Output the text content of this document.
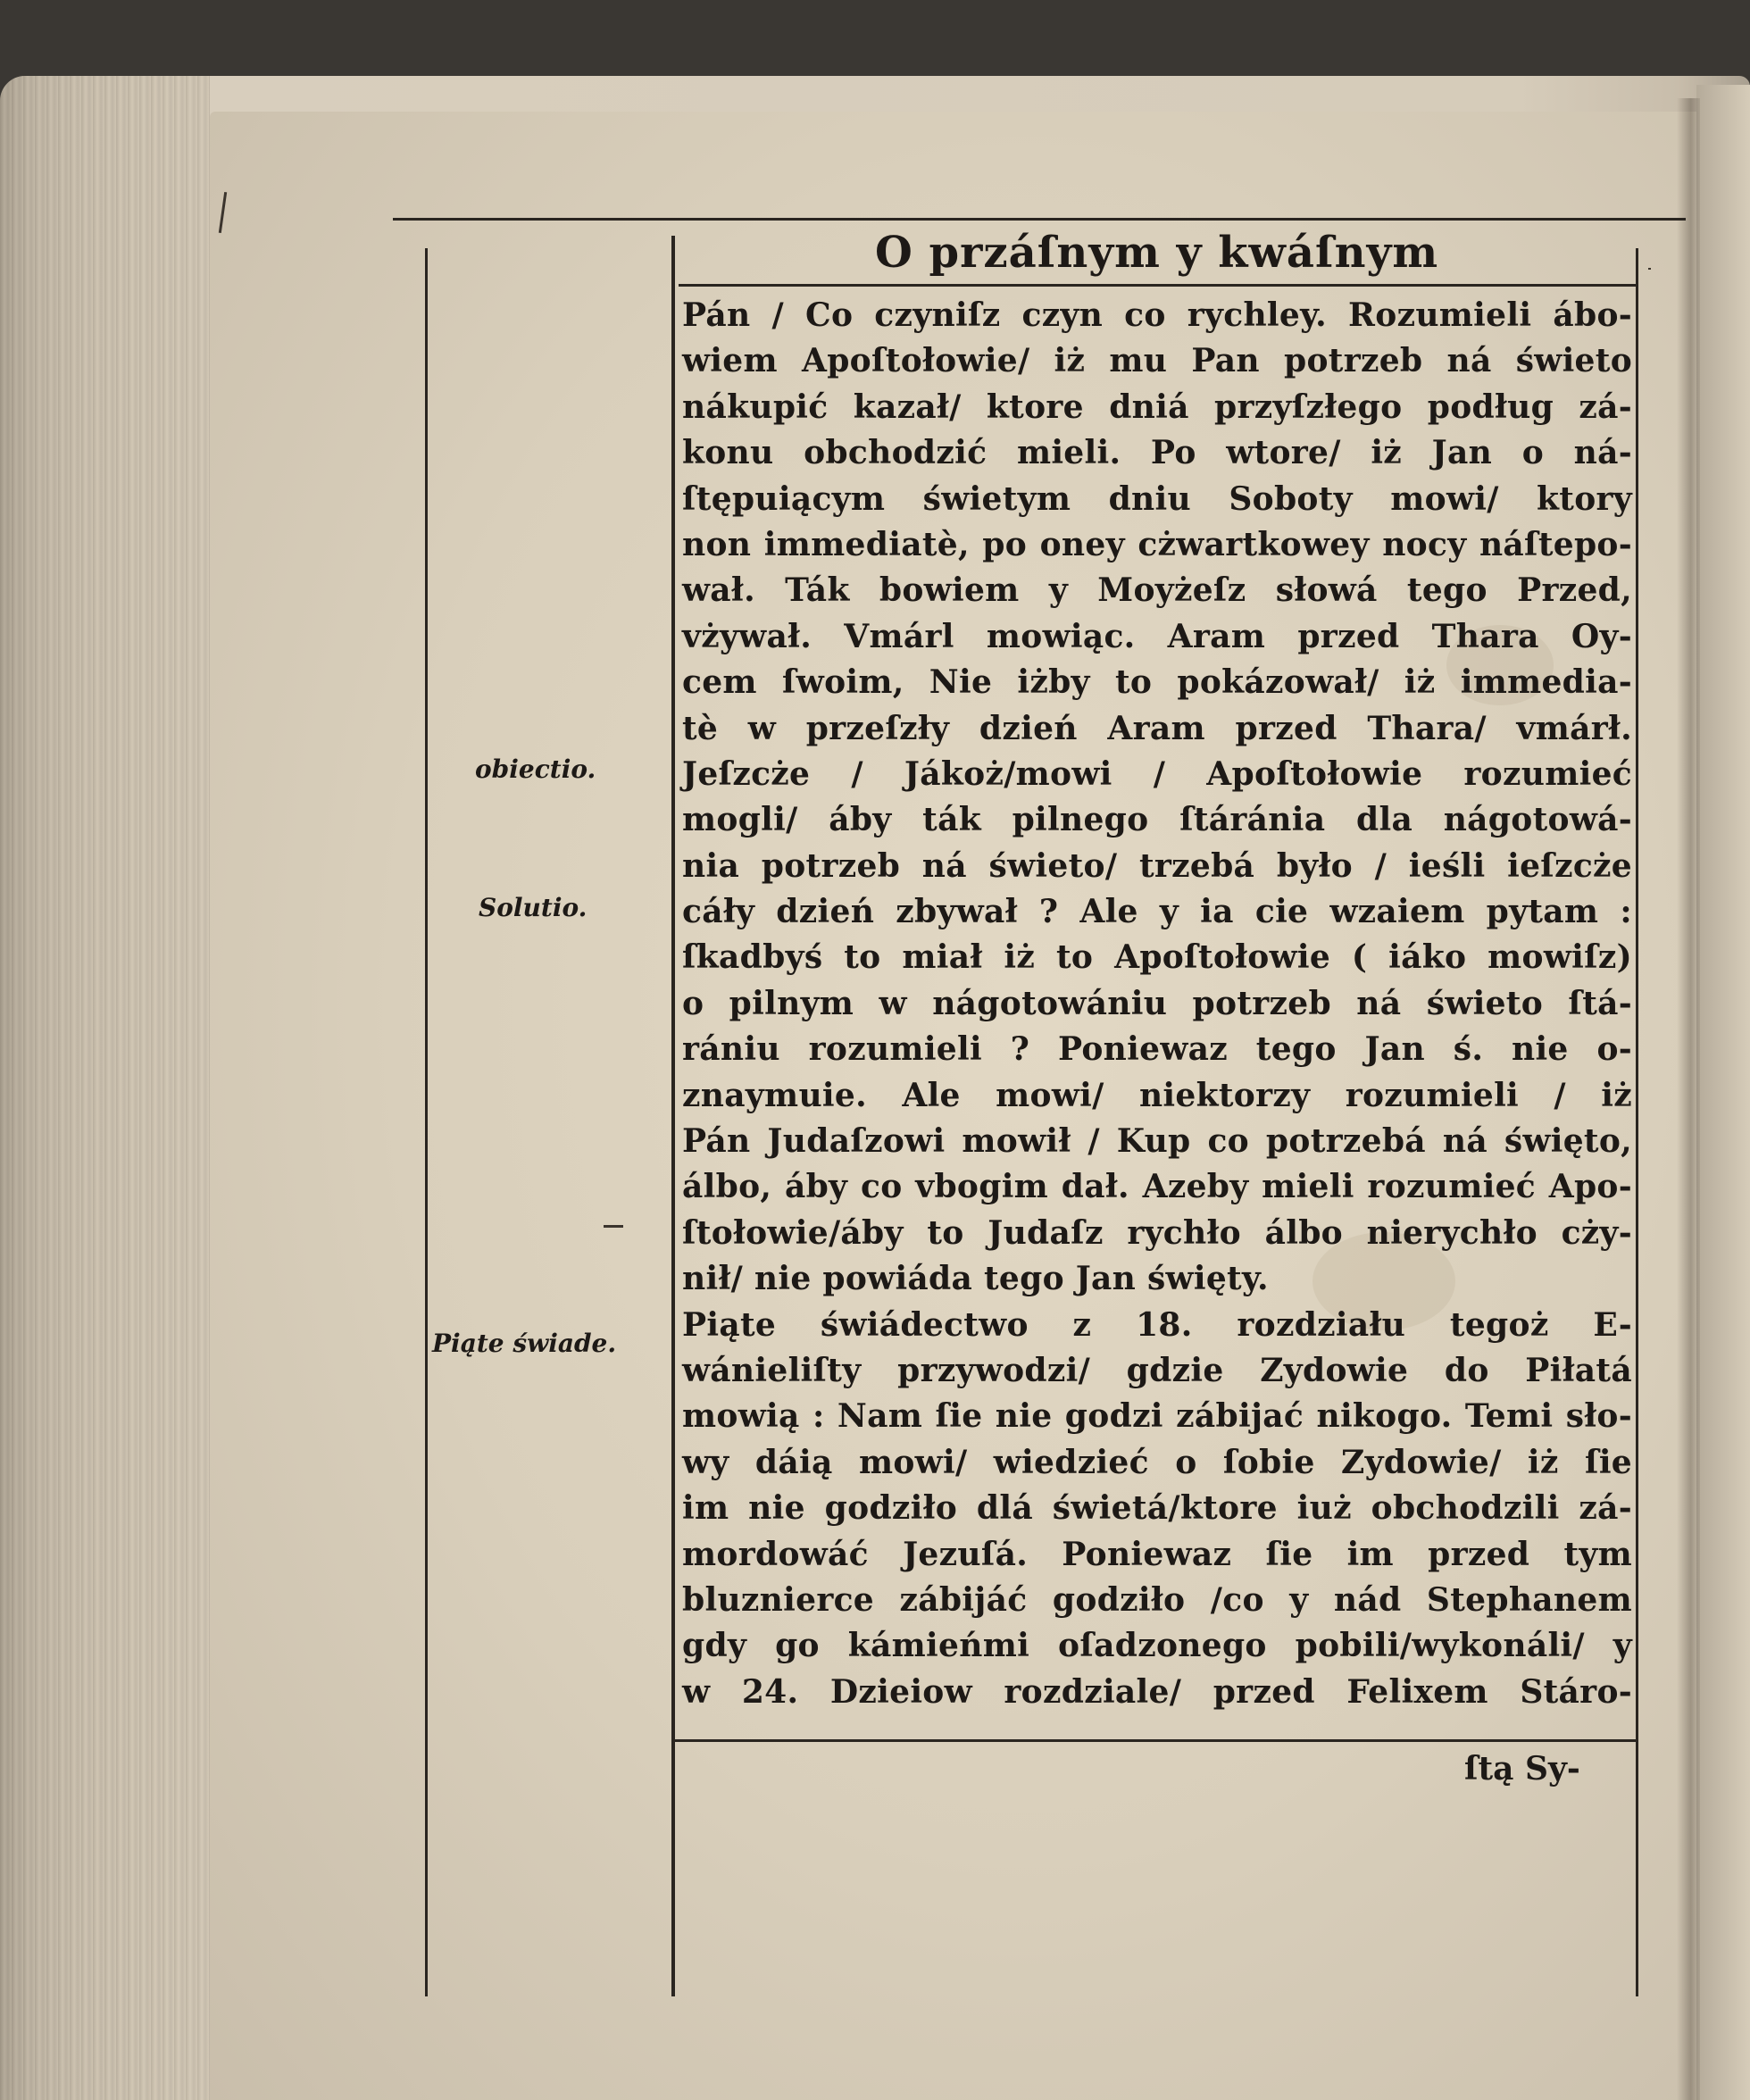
O przáſnym y kwáſnym
obiectio.
Solutio.
Piąte świade.
Pán / Co czyniſz czyn co rychley. Rozumieli ábo-
wiem Apoſtołowie/ iż mu Pan potrzeb ná świeto
nákupić kazał/ ktore dniá przyſzłego podług zá-
konu obchodzić mieli. Po wtore/ iż Jan o ná-
ſtępuiącym świetym dniu Soboty mowi/ ktory
non immediatè, po oney cżwartkowey nocy náſtepo-
wał. Ták bowiem y Moyżeſz słowá tego Przed,
vżywał. Vmárl mowiąc. Aram przed Thara Oy-
cem ſwoim, Nie iżby to pokázował/ iż immedia-
tè w przeſzły dzień Aram przed Thara/ vmárł.
Jeſzcże / Jákoż/mowi / Apoſtołowie rozumieć
mogli/ áby ták pilnego ſtáránia dla nágotowá-
nia potrzeb ná świeto/ trzebá było / ieśli ieſzcże
cáły dzień zbywał ? Ale y ia cie wzaiem pytam :
ſkadbyś to miał iż to Apoſtołowie ( iáko mowiſz)
o pilnym w nágotowániu potrzeb ná świeto ſtá-
rániu rozumieli ? Poniewaz tego Jan ś. nie o-
znaymuie. Ale mowi/ niektorzy rozumieli / iż
Pán Judaſzowi mowił / Kup co potrzebá ná święto,
álbo, áby co vbogim dał. Azeby mieli rozumieć Apo-
ſtołowie/áby to Judaſz rychło álbo nierychło cży-
nił/ nie powiáda tego Jan święty.
Piąte świádectwo z 18. rozdziału tegoż E-
wánieliſty przywodzi/ gdzie Zydowie do Piłatá
mowią : Nam ſie nie godzi zábijać nikogo. Temi sło-
wy dáią mowi/ wiedzieć o ſobie Zydowie/ iż ſie
im nie godziło dlá świetá/ktore iuż obchodzili zá-
mordowáć Jezuſá. Poniewaz ſie im przed tym
bluznierce zábijáć godziło /co y nád Stephanem
gdy go kámieńmi oſadzonego pobili/wykonáli/ y
w 24. Dzieiow rozdziale/ przed Felixem Stáro-
ſtą Sy-
